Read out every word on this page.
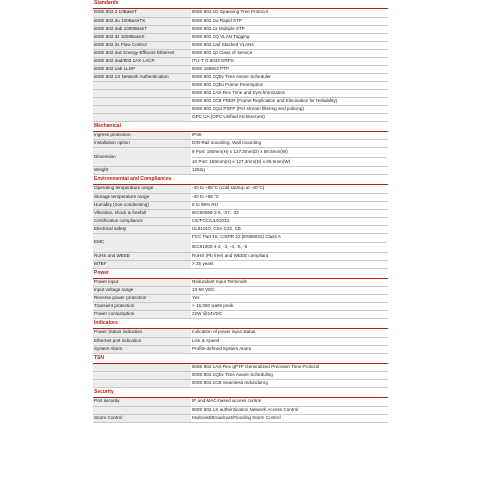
Standards
IEEE 802.3 10BaseT	IEEE 802.1D Spanning Tree Protocol

IEEE 802.3u 100BaseTX	IEEE 802.1w Rapid STP

IEEE 802.3ab 1000BaseT	IEEE 802.1s Multiple STP

IEEE 802.3z 1000BaseX	IEEE 802.1Q VLAN Tagging

IEEE 802.3x Flow Control	IEEE 802.1ad Stacked VLANs

IEEE 802.3az Energy-Efficient Ethernet	IEEE 802.1p Class of Service

IEEE 802.3ad/802.1AX LACP	ITU-T G.8032 ERPS

IEEE 802.1ab LLDP	IEEE 1588v2 PTP

IEEE 802.1X Network Authentication	IEEE 802.1Qbv Time Aware Scheduler

	IEEE 802.1Qbu Frame Preemption

	IEEE 802.1AS-Rev Time and Synchronization

	IEEE 802.1CB FRER (Frame Replication and Elimination for Reliability)

	IEEE 802.1Qci PSFP (Per stream filtering and policing)

	OPC UA (OPC Unified Architecture)
Mechanical
Ingress protection	IP30

Installation option	DIN-Rail mounting, Wall mounting

Dimension	8 Port: 160mm(H) x 127.3mm(D) x 56.5mm(W)
10 Port: 160mm(H) x 127.3mm(D) x 65.5mm(W)

Weight	1252g
Environmental and Compliances
Operating temperature range	-40 to +85°C (cold startup at -40°C)

Storage temperature range	-40 to +85 °C

Humidity (non-condensing)	5 to 95% RH

Vibration, shock & freefall	IEC60068-2-6, -27, -32

Certification compliance	CE/FCC/UL61010,

Electrical safety	UL61010, CSA C22, CE

EMC	FCC Part 15, CISPR 22 (EN55022) Class A
IEC61000-4-2, -3, -4, -5, -6

RoHS and WEEE	RoHS (Pb free) and WEEE compliant

MTBF	> 25 years
Power
Power input	Redundant Input Terminals

Input voltage range	10-58 VDC

Reverse power protection	Yes

Transient protection	> 15,000 watts peak

Power consumption	22W @24VDC
Indicators
Power Status indication	Indication of power input status

Ethernet port indication	Link & Speed

System Alarm	Profile-defined System Alarm
TSN

	IEEE 802.1AS-Rev gPTP Generalized Precision Time Protocol

	IEEE 802.1Qbv Time Aware Scheduling

	IEEE 802.1CB Seamless redundancy
Security
Port security	IP and MAC-based access control

	IEEE 802.1X authentication Network Access Control

Storm Control	Multicast/Broadcast/Flooding Storm Control
